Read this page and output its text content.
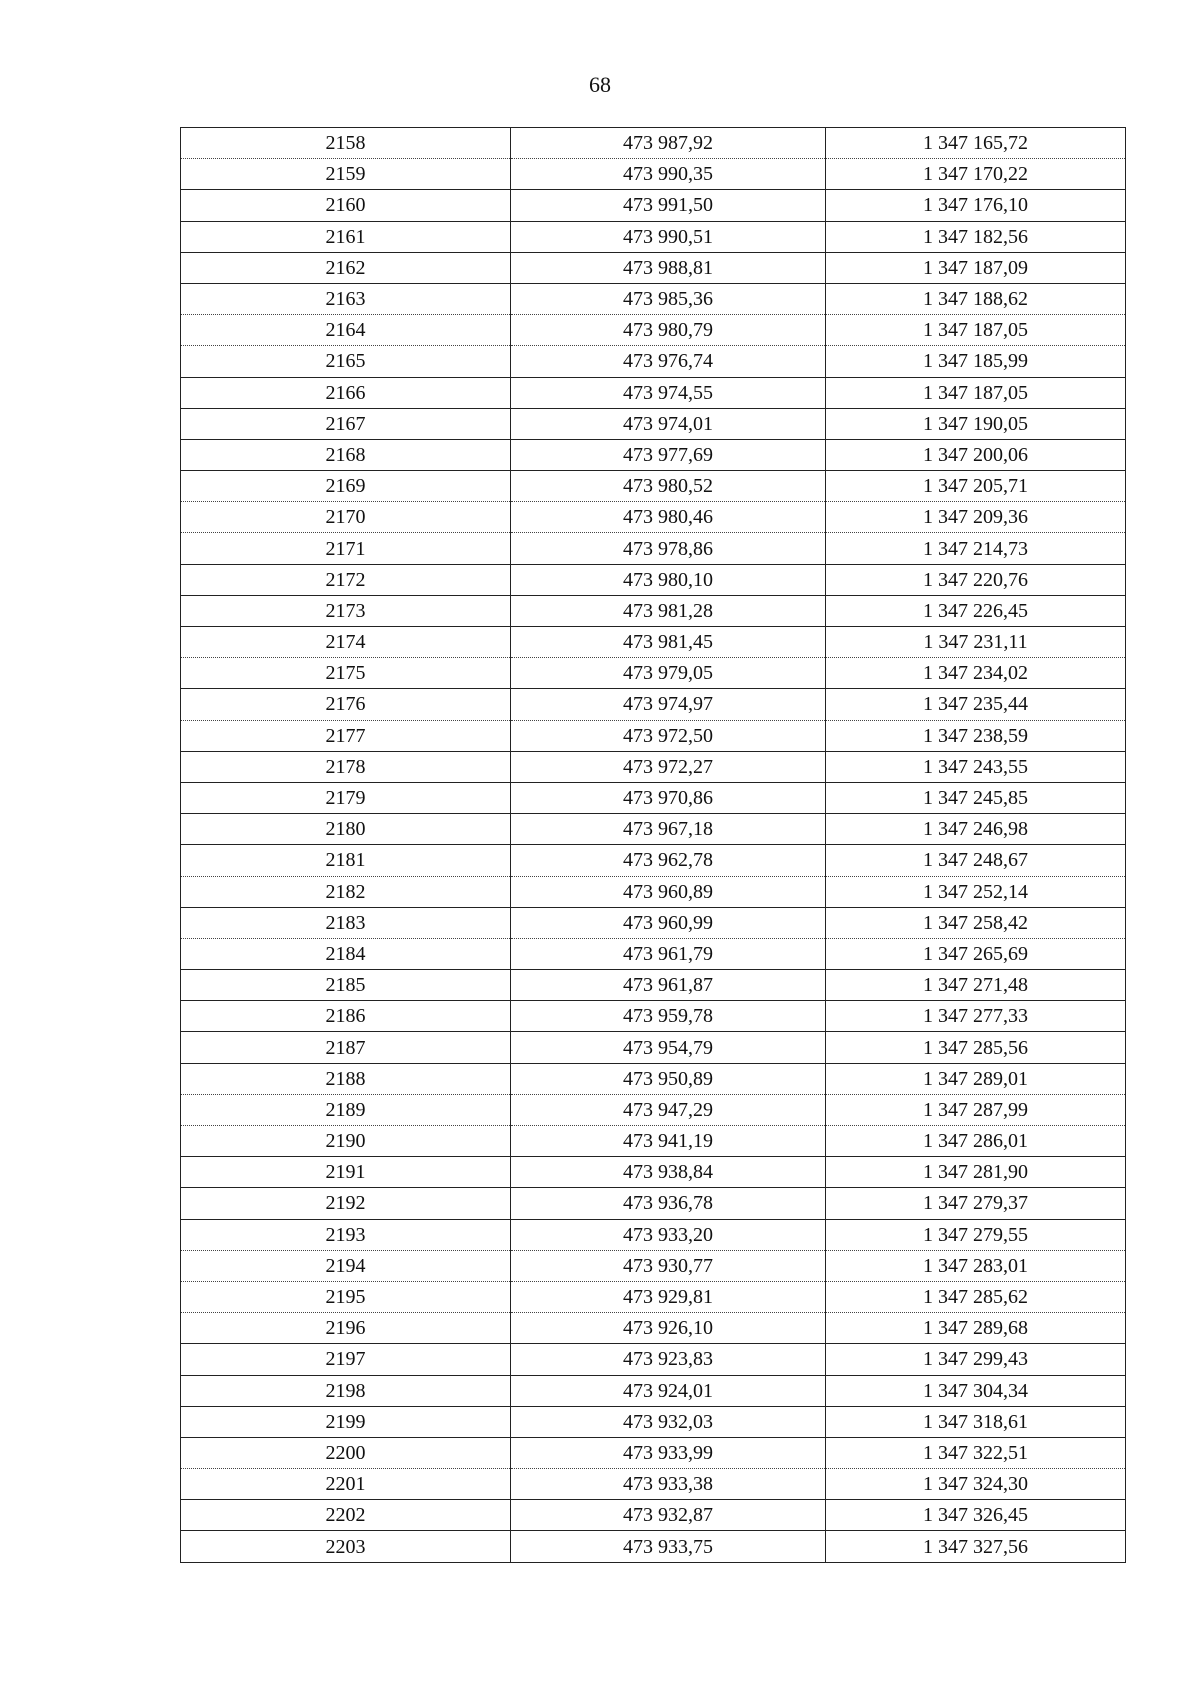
68
2158	473 987,92	1 347 165,72
2159	473 990,35	1 347 170,22
2160	473 991,50	1 347 176,10
2161	473 990,51	1 347 182,56
2162	473 988,81	1 347 187,09
2163	473 985,36	1 347 188,62
2164	473 980,79	1 347 187,05
2165	473 976,74	1 347 185,99
2166	473 974,55	1 347 187,05
2167	473 974,01	1 347 190,05
2168	473 977,69	1 347 200,06
2169	473 980,52	1 347 205,71
2170	473 980,46	1 347 209,36
2171	473 978,86	1 347 214,73
2172	473 980,10	1 347 220,76
2173	473 981,28	1 347 226,45
2174	473 981,45	1 347 231,11
2175	473 979,05	1 347 234,02
2176	473 974,97	1 347 235,44
2177	473 972,50	1 347 238,59
2178	473 972,27	1 347 243,55
2179	473 970,86	1 347 245,85
2180	473 967,18	1 347 246,98
2181	473 962,78	1 347 248,67
2182	473 960,89	1 347 252,14
2183	473 960,99	1 347 258,42
2184	473 961,79	1 347 265,69
2185	473 961,87	1 347 271,48
2186	473 959,78	1 347 277,33
2187	473 954,79	1 347 285,56
2188	473 950,89	1 347 289,01
2189	473 947,29	1 347 287,99
2190	473 941,19	1 347 286,01
2191	473 938,84	1 347 281,90
2192	473 936,78	1 347 279,37
2193	473 933,20	1 347 279,55
2194	473 930,77	1 347 283,01
2195	473 929,81	1 347 285,62
2196	473 926,10	1 347 289,68
2197	473 923,83	1 347 299,43
2198	473 924,01	1 347 304,34
2199	473 932,03	1 347 318,61
2200	473 933,99	1 347 322,51
2201	473 933,38	1 347 324,30
2202	473 932,87	1 347 326,45
2203	473 933,75	1 347 327,56
